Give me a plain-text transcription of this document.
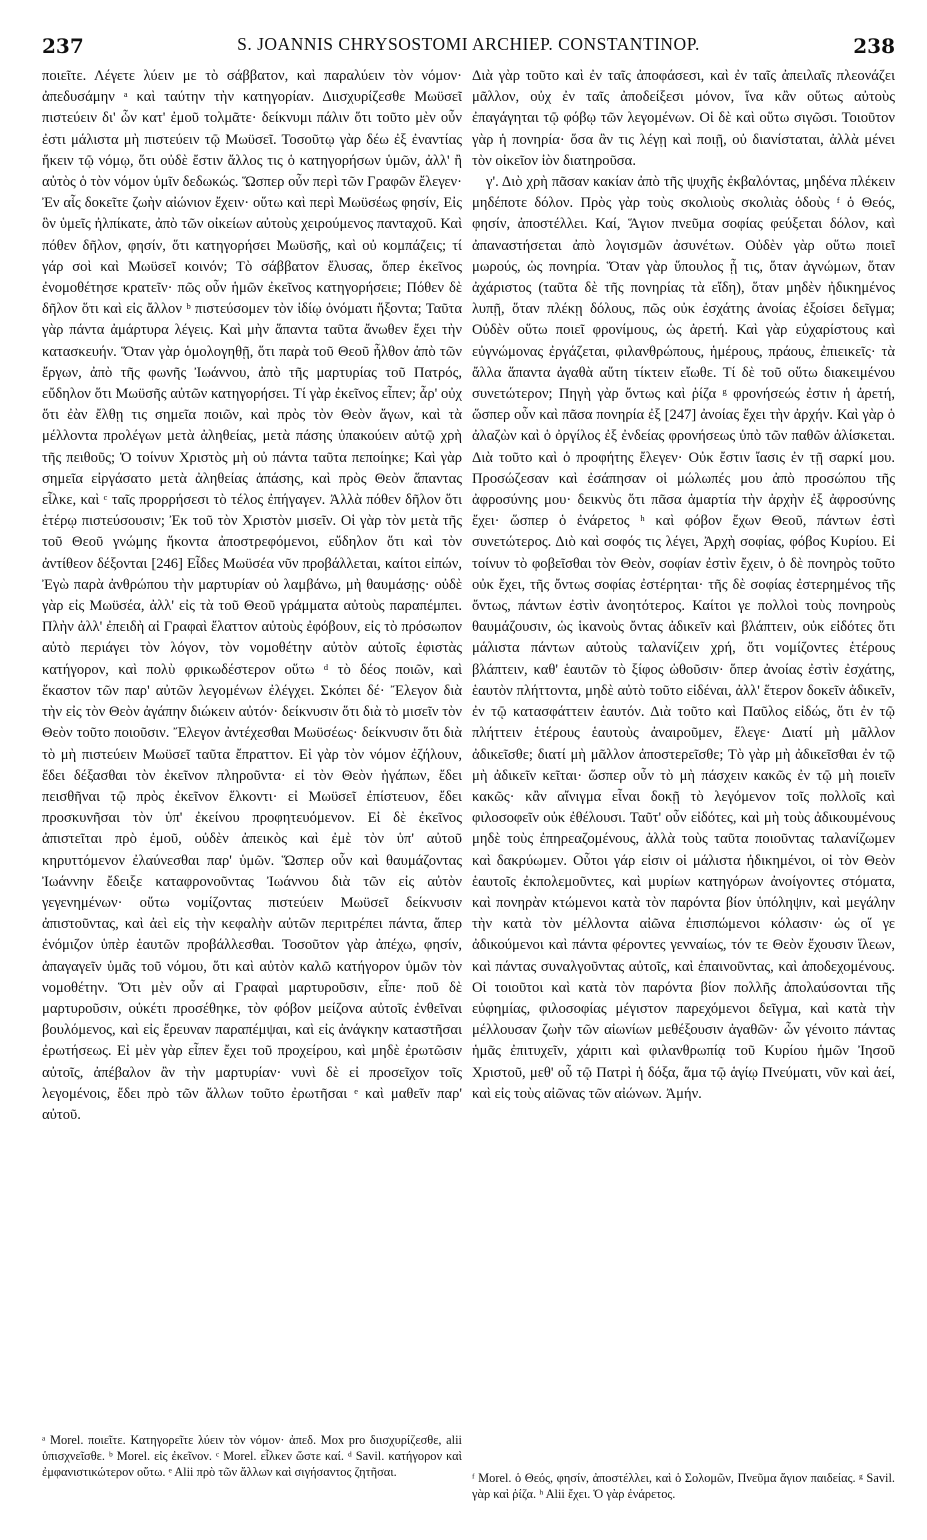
237	S. JOANNIS CHRYSOSTOMI ARCHIEP. CONSTANTINOP.	238

ποιεῖτε. Λέγετε λύειν με τὸ σάββατον, καὶ παραλύειν τὸν νόμον· ἀπεδυσάμην ᵃ καὶ ταύτην τὴν κατηγορίαν. Διισχυρίζεσθε Μωϋσεῖ πιστεύειν δι' ὧν κατ' ἐμοῦ τολμᾶτε· δείκνυμι πάλιν ὅτι τοῦτο μὲν οὖν ἐστι μάλιστα μὴ πιστεύειν τῷ Μωϋσεῖ. Τοσοῦτῳ γὰρ δέω ἐξ ἐναντίας ἥκειν τῷ νόμῳ, ὅτι οὐδὲ ἔστιν ἄλλος τις ὁ κατηγορήσων ὑμῶν, ἀλλ' ἢ αὐτὸς ὁ τὸν νόμον ὑμῖν δεδωκώς. Ὥσπερ οὖν περὶ τῶν Γραφῶν ἔλεγεν· Ἐν αἷς δοκεῖτε ζωὴν αἰώνιον ἔχειν· οὕτω καὶ περὶ Μωϋσέως φησίν, Εἰς ὃν ὑμεῖς ἠλπίκατε, ἀπὸ τῶν οἰκείων αὐτοὺς χειρούμενος πανταχοῦ. Καὶ πόθεν δῆλον, φησίν, ὅτι κατηγορήσει Μωϋσῆς, καὶ οὐ κομπάζεις; τί γάρ σοὶ καὶ Μωϋσεῖ κοινόν; Τὸ σάββατον ἔλυσας, ὅπερ ἐκεῖνος ἐνομοθέτησε κρατεῖν· πῶς οὖν ἡμῶν ἐκεῖνος κατηγορήσειε; Πόθεν δὲ δῆλον ὅτι καὶ εἰς ἄλλον ᵇ πιστεύσομεν τὸν ἰδίῳ ὀνόματι ἥξοντα; Ταῦτα γὰρ πάντα ἀμάρτυρα λέγεις. Καὶ μὴν ἅπαντα ταῦτα ἄνωθεν ἔχει τὴν κατασκευήν. Ὅταν γὰρ ὁμολογηθῇ, ὅτι παρὰ τοῦ Θεοῦ ἦλθον ἀπὸ τῶν ἔργων, ἀπὸ τῆς φωνῆς Ἰωάννου, ἀπὸ τῆς μαρτυρίας τοῦ Πατρός, εὔδηλον ὅτι Μωϋσῆς αὐτῶν κατηγορήσει. Τί γὰρ ἐκεῖνος εἶπεν; ἆρ' οὐχ ὅτι ἐὰν ἔλθῃ τις σημεῖα ποιῶν, καὶ πρὸς τὸν Θεὸν ἄγων, καὶ τὰ μέλλοντα προλέγων μετὰ ἀληθείας, μετὰ πάσης ὑπακούειν αὐτῷ χρὴ τῆς πειθοῦς; Ὁ τοίνυν Χριστὸς μὴ οὐ πάντα ταῦτα πεποίηκε; Καὶ γὰρ σημεῖα εἰργάσατο μετὰ ἀληθείας ἁπάσης, καὶ πρὸς Θεὸν ἅπαντας εἷλκε, καὶ ᶜ ταῖς προρρήσεσι τὸ τέλος ἐπήγαγεν. Ἀλλὰ πόθεν δῆλον ὅτι ἑτέρῳ πιστεύσουσιν; Ἐκ τοῦ τὸν Χριστὸν μισεῖν. Οἱ γὰρ τὸν μετὰ τῆς τοῦ Θεοῦ γνώμης ἥκοντα ἀποστρεφόμενοι, εὔδηλον ὅτι καὶ τὸν ἀντίθεον δέξονται [246] Εἶδες Μωϋσέα νῦν προβάλλεται, καίτοι εἰπών, Ἐγὼ παρὰ ἀνθρώπου τὴν μαρτυρίαν οὐ λαμβάνω, μὴ θαυμάσῃς· οὐδὲ γὰρ εἰς Μωϋσέα, ἀλλ' εἰς τὰ τοῦ Θεοῦ γράμματα αὐτοὺς παραπέμπει. Πλὴν ἀλλ' ἐπειδὴ αἱ Γραφαὶ ἔλαττον αὐτοὺς ἐφόβουν, εἰς τὸ πρόσωπον αὐτὸ περιάγει τὸν λόγον, τὸν νομοθέτην αὐτὸν αὐτοῖς ἐφιστὰς κατήγορον, καὶ πολὺ φρικωδέστερον οὕτω ᵈ τὸ δέος ποιῶν, καὶ ἕκαστον τῶν παρ' αὐτῶν λεγομένων ἐλέγχει. Σκόπει δέ· Ἔλεγον διὰ τὴν εἰς τὸν Θεὸν ἀγάπην διώκειν αὐτόν· δείκνυσιν ὅτι διὰ τὸ μισεῖν τὸν Θεὸν τοῦτο ποιοῦσιν. Ἔλεγον ἀντέχεσθαι Μωϋσέως· δείκνυσιν ὅτι διὰ τὸ μὴ πιστεύειν Μωϋσεῖ ταῦτα ἔπραττον. Εἰ γὰρ τὸν νόμον ἐζήλουν, ἔδει δέξασθαι τὸν ἐκεῖνον πληροῦντα· εἰ τὸν Θεὸν ἠγάπων, ἔδει πεισθῆναι τῷ πρὸς ἐκεῖνον ἕλκοντι· εἰ Μωϋσεῖ ἐπίστευον, ἔδει προσκυνῆσαι τὸν ὑπ' ἐκείνου προφητευόμενον. Εἰ δὲ ἐκεῖνος ἀπιστεῖται πρὸ ἐμοῦ, οὐδὲν ἀπεικὸς καὶ ἐμὲ τὸν ὑπ' αὐτοῦ κηρυττόμενον ἐλαύνεσθαι παρ' ὑμῶν. Ὥσπερ οὖν καὶ θαυμάζοντας Ἰωάννην ἔδειξε καταφρονοῦντας Ἰωάννου διὰ τῶν εἰς αὐτὸν γεγενημένων· οὕτω νομίζοντας πιστεύειν Μωϋσεῖ δείκνυσιν ἀπιστοῦντας, καὶ ἀεὶ εἰς τὴν κεφαλὴν αὐτῶν περιτρέπει πάντα, ἅπερ ἐνόμιζον ὑπὲρ ἑαυτῶν προβάλλεσθαι. Τοσοῦτον γὰρ ἀπέχω, φησίν, ἀπαγαγεῖν ὑμᾶς τοῦ νόμου, ὅτι καὶ αὐτὸν καλῶ κατήγορον ὑμῶν τὸν νομοθέτην. Ὅτι μὲν οὖν αἱ Γραφαὶ μαρτυροῦσιν, εἶπε· ποῦ δὲ μαρτυροῦσιν, οὐκέτι προσέθηκε, τὸν φόβον μείζονα αὐτοῖς ἐνθεῖναι βουλόμενος, καὶ εἰς ἔρευναν παραπέμψαι, καὶ εἰς ἀνάγκην καταστῆσαι ἐρωτήσεως. Εἰ μὲν γὰρ εἶπεν ἔχει τοῦ προχείρου, καὶ μηδὲ ἐρωτῶσιν αὐτοῖς, ἀπέβαλον ἂν τὴν μαρτυρίαν· νυνὶ δὲ εἰ προσεῖχον τοῖς λεγομένοις, ἔδει πρὸ τῶν ἄλλων τοῦτο ἐρωτῆσαι ᵉ καὶ μαθεῖν παρ' αὐτοῦ.

Διὰ γὰρ τοῦτο καὶ ἐν ταῖς ἀποφάσεσι, καὶ ἐν ταῖς ἀπειλαῖς πλεονάζει μᾶλλον, οὐχ ἐν ταῖς ἀποδείξεσι μόνον, ἵνα κἂν οὕτως αὐτοὺς ἐπαγάγηται τῷ φόβῳ τῶν λεγομένων. Οἱ δὲ καὶ οὕτω σιγῶσι. Τοιοῦτον γὰρ ἡ πονηρία· ὅσα ἂν τις λέγῃ καὶ ποιῇ, οὐ διανίσταται, ἀλλὰ μένει τὸν οἰκεῖον ἰὸν διατηροῦσα.

γ'. Διὸ χρὴ πᾶσαν κακίαν ἀπὸ τῆς ψυχῆς ἐκβαλόντας, μηδένα πλέκειν μηδέποτε δόλον. Πρὸς γὰρ τοὺς σκολιοὺς σκολιὰς ὁδοὺς ᶠ ὁ Θεός, φησίν, ἀποστέλλει. Καί, Ἅγιον πνεῦμα σοφίας φεύξεται δόλον, καὶ ἀπαναστήσεται ἀπὸ λογισμῶν ἀσυνέτων. Οὐδὲν γὰρ οὕτω ποιεῖ μωρούς, ὡς πονηρία. Ὅταν γὰρ ὕπουλος ᾖ τις, ὅταν ἀγνώμων, ὅταν ἀχάριστος (ταῦτα δὲ τῆς πονηρίας τὰ εἴδη), ὅταν μηδὲν ἠδικημένος λυπῇ, ὅταν πλέκῃ δόλους, πῶς οὐκ ἐσχάτης ἀνοίας ἐξοίσει δεῖγμα; Οὐδὲν οὕτω ποιεῖ φρονίμους, ὡς ἀρετή. Καὶ γὰρ εὐχαρίστους καὶ εὐγνώμονας ἐργάζεται, φιλανθρώπους, ἡμέρους, πράους, ἐπιεικεῖς· τὰ ἄλλα ἅπαντα ἀγαθὰ αὕτη τίκτειν εἴωθε. Τί δὲ τοῦ οὕτω διακειμένου συνετώτερον; Πηγὴ γὰρ ὄντως καὶ ῥίζα ᵍ φρονήσεώς ἐστιν ἡ ἀρετή, ὥσπερ οὖν καὶ πᾶσα πονηρία ἐξ [247] ἀνοίας ἔχει τὴν ἀρχήν. Καὶ γὰρ ὁ ἀλαζὼν καὶ ὁ ὀργίλος ἐξ ἐνδείας φρονήσεως ὑπὸ τῶν παθῶν ἁλίσκεται. Διὰ τοῦτο καὶ ὁ προφήτης ἔλεγεν· Οὐκ ἔστιν ἴασις ἐν τῇ σαρκί μου. Προσώζεσαν καὶ ἐσάπησαν οἱ μώλωπές μου ἀπὸ προσώπου τῆς ἀφροσύνης μου· δεικνὺς ὅτι πᾶσα ἁμαρτία τὴν ἀρχὴν ἐξ ἀφροσύνης ἔχει· ὥσπερ ὁ ἐνάρετος ʰ καὶ φόβον ἔχων Θεοῦ, πάντων ἐστὶ συνετώτερος. Διὸ καὶ σοφός τις λέγει, Ἀρχὴ σοφίας, φόβος Κυρίου. Εἰ τοίνυν τὸ φοβεῖσθαι τὸν Θεὸν, σοφίαν ἐστὶν ἔχειν, ὁ δὲ πονηρὸς τοῦτο οὐκ ἔχει, τῆς ὄντως σοφίας ἐστέρηται· τῆς δὲ σοφίας ἐστερημένος τῆς ὄντως, πάντων ἐστὶν ἀνοητότερος. Καίτοι γε πολλοὶ τοὺς πονηροὺς θαυμάζουσιν, ὡς ἱκανοὺς ὄντας ἀδικεῖν καὶ βλάπτειν, οὐκ εἰδότες ὅτι μάλιστα πάντων αὐτοὺς ταλανίζειν χρή, ὅτι νομίζοντες ἑτέρους βλάπτειν, καθ' ἑαυτῶν τὸ ξίφος ὠθοῦσιν· ὅπερ ἀνοίας ἐστὶν ἐσχάτης, ἑαυτὸν πλήττοντα, μηδὲ αὐτὸ τοῦτο εἰδέναι, ἀλλ' ἕτερον δοκεῖν ἀδικεῖν, ἐν τῷ κατασφάττειν ἑαυτόν. Διὰ τοῦτο καὶ Παῦλος εἰδώς, ὅτι ἐν τῷ πλήττειν ἑτέρους ἑαυτοὺς ἀναιροῦμεν, ἔλεγε· Διατί μὴ μᾶλλον ἀδικεῖσθε; διατί μὴ μᾶλλον ἀποστερεῖσθε; Τὸ γὰρ μὴ ἀδικεῖσθαι ἐν τῷ μὴ ἀδικεῖν κεῖται· ὥσπερ οὖν τὸ μὴ πάσχειν κακῶς ἐν τῷ μὴ ποιεῖν κακῶς· κἂν αἴνιγμα εἶναι δοκῇ τὸ λεγόμενον τοῖς πολλοῖς καὶ φιλοσοφεῖν οὐκ ἐθέλουσι. Ταῦτ' οὖν εἰδότες, καὶ μὴ τοὺς ἀδικουμένους μηδὲ τοὺς ἐπηρεαζομένους, ἀλλὰ τοὺς ταῦτα ποιοῦντας ταλανίζωμεν καὶ δακρύωμεν. Οὗτοι γάρ εἰσιν οἱ μάλιστα ἠδικημένοι, οἱ τὸν Θεὸν ἑαυτοῖς ἐκπολεμοῦντες, καὶ μυρίων κατηγόρων ἀνοίγοντες στόματα, καὶ πονηρὰν κτώμενοι κατὰ τὸν παρόντα βίον ὑπόληψιν, καὶ μεγάλην τὴν κατὰ τὸν μέλλοντα αἰῶνα ἐπισπώμενοι κόλασιν· ὡς οἵ γε ἀδικούμενοι καὶ πάντα φέροντες γενναίως, τόν τε Θεὸν ἔχουσιν ἵλεων, καὶ πάντας συναλγοῦντας αὐτοῖς, καὶ ἐπαινοῦντας, καὶ ἀποδεχομένους. Οἱ τοιοῦτοι καὶ κατὰ τὸν παρόντα βίον πολλῆς ἀπολαύσονται τῆς εὐφημίας, φιλοσοφίας μέγιστον παρεχόμενοι δεῖγμα, καὶ κατὰ τὴν μέλλουσαν ζωὴν τῶν αἰωνίων μεθέξουσιν ἀγαθῶν· ὧν γένοιτο πάντας ἡμᾶς ἐπιτυχεῖν, χάριτι καὶ φιλανθρωπίᾳ τοῦ Κυρίου ἡμῶν Ἰησοῦ Χριστοῦ, μεθ' οὗ τῷ Πατρὶ ἡ δόξα, ἅμα τῷ ἁγίῳ Πνεύματι, νῦν καὶ ἀεί, καὶ εἰς τοὺς αἰῶνας τῶν αἰώνων. Ἀμήν.

ᵃ Morel. ποιεῖτε. Κατηγορεῖτε λύειν τὸν νόμον· ἀπεδ. Mox pro διισχυρίζεσθε, alii ὑπισχνεῖσθε. ᵇ Morel. εἰς ἐκεῖνον. ᶜ Morel. εἷλκεν ὥστε καί. ᵈ Savil. κατήγορον καὶ ἐμφανιστικώτερον οὕτω. ᵉ Alii πρὸ τῶν ἄλλων καὶ σιγήσαντος ζητῆσαι.	ᶠ Morel. ὁ Θεός, φησίν, ἀποστέλλει, καὶ ὁ Σολομῶν, Πνεῦμα ἅγιον παιδείας. ᵍ Savil. γὰρ καὶ ῥίζα. ʰ Alii ἔχει. Ὁ γὰρ ἐνάρετος.
